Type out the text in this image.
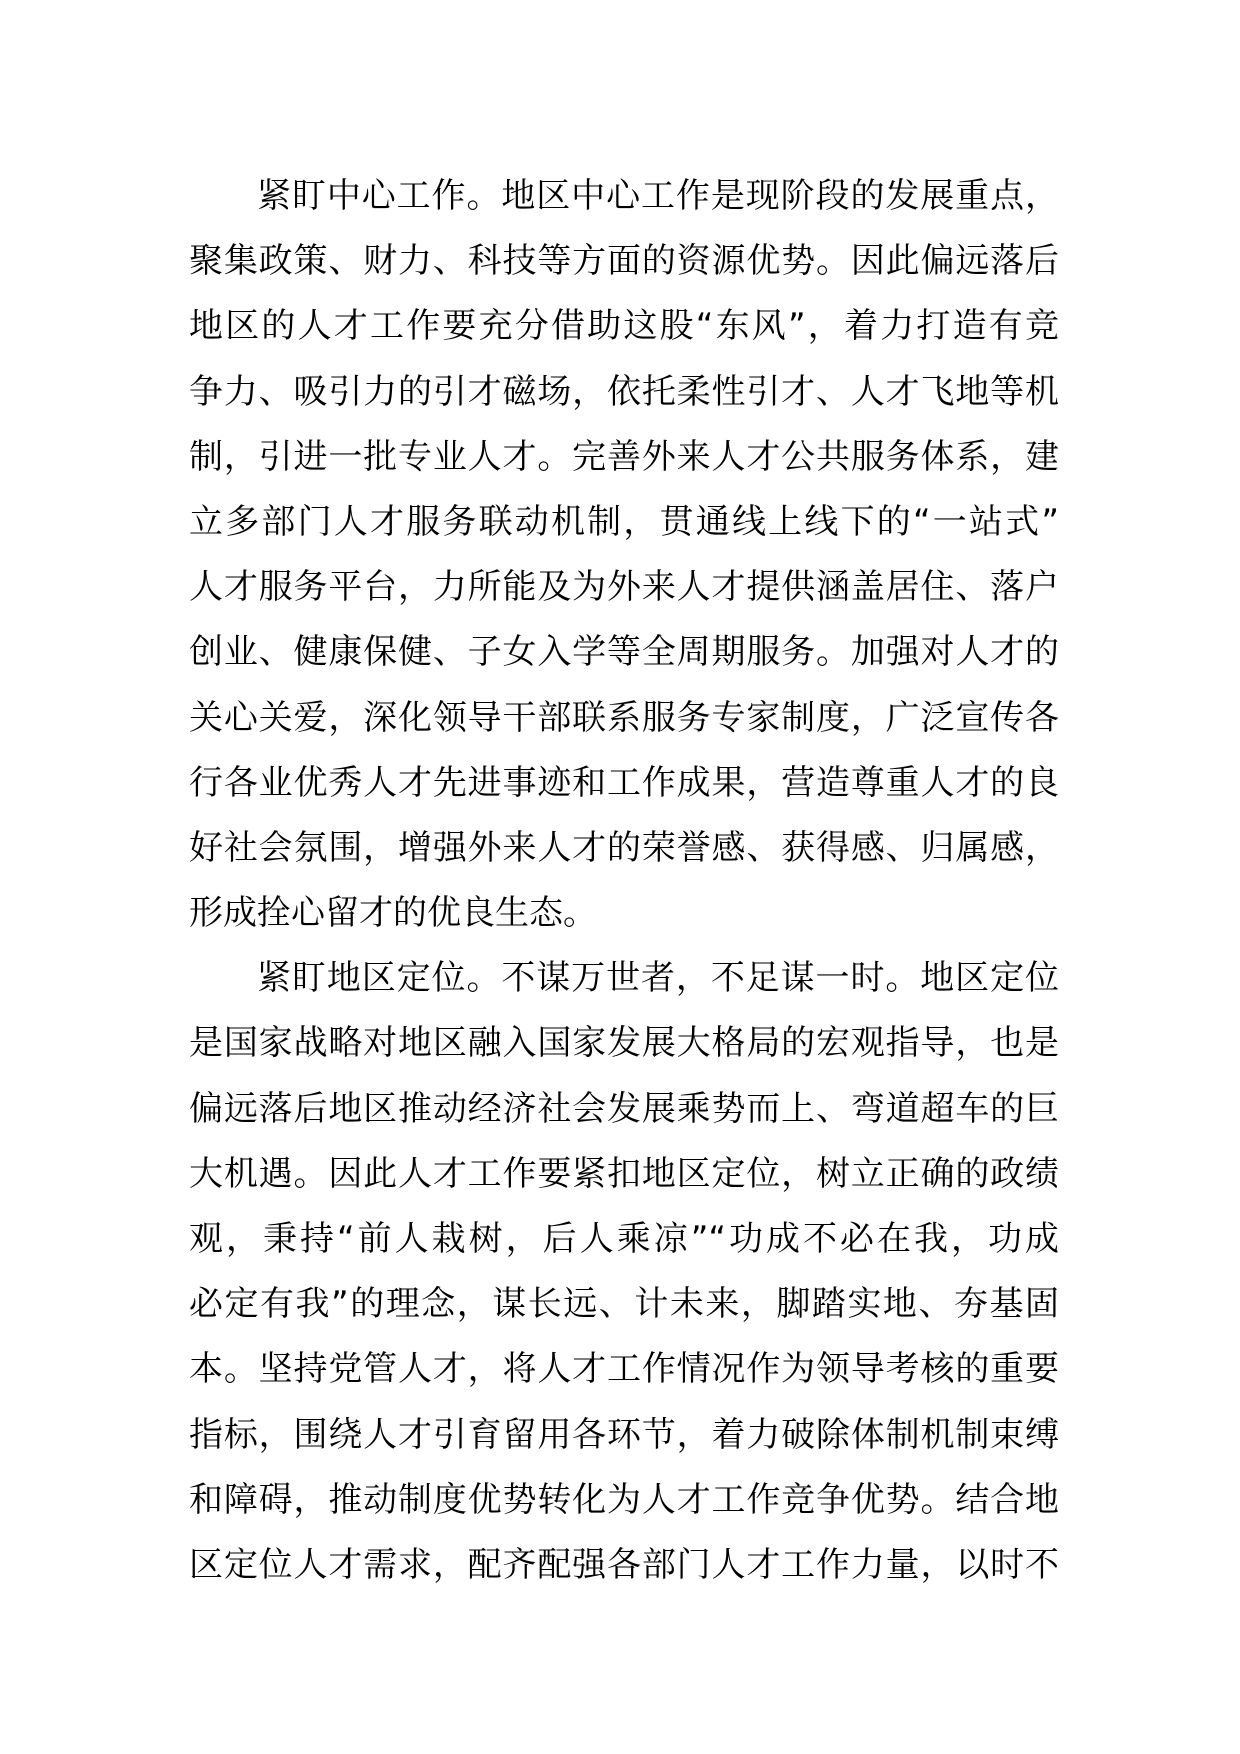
紧盯中心工作。地区中心工作是现阶段的发展重点，
聚集政策、财力、科技等方面的资源优势。因此偏远落后
地区的人才工作要充分借助这股“东风”，着力打造有竞
争力、吸引力的引才磁场，依托柔性引才、人才飞地等机
制，引进一批专业人才。完善外来人才公共服务体系，建
立多部门人才服务联动机制，贯通线上线下的“一站式”
人才服务平台，力所能及为外来人才提供涵盖居住、落户
创业、健康保健、子女入学等全周期服务。加强对人才的
关心关爱，深化领导干部联系服务专家制度，广泛宣传各
行各业优秀人才先进事迹和工作成果，营造尊重人才的良
好社会氛围，增强外来人才的荣誉感、获得感、归属感，
形成拴心留才的优良生态。
紧盯地区定位。不谋万世者，不足谋一时。地区定位
是国家战略对地区融入国家发展大格局的宏观指导，也是
偏远落后地区推动经济社会发展乘势而上、弯道超车的巨
大机遇。因此人才工作要紧扣地区定位，树立正确的政绩
观，秉持“前人栽树，后人乘凉”“功成不必在我，功成
必定有我”的理念，谋长远、计未来，脚踏实地、夯基固
本。坚持党管人才，将人才工作情况作为领导考核的重要
指标，围绕人才引育留用各环节，着力破除体制机制束缚
和障碍，推动制度优势转化为人才工作竞争优势。结合地
区定位人才需求，配齐配强各部门人才工作力量，以时不
